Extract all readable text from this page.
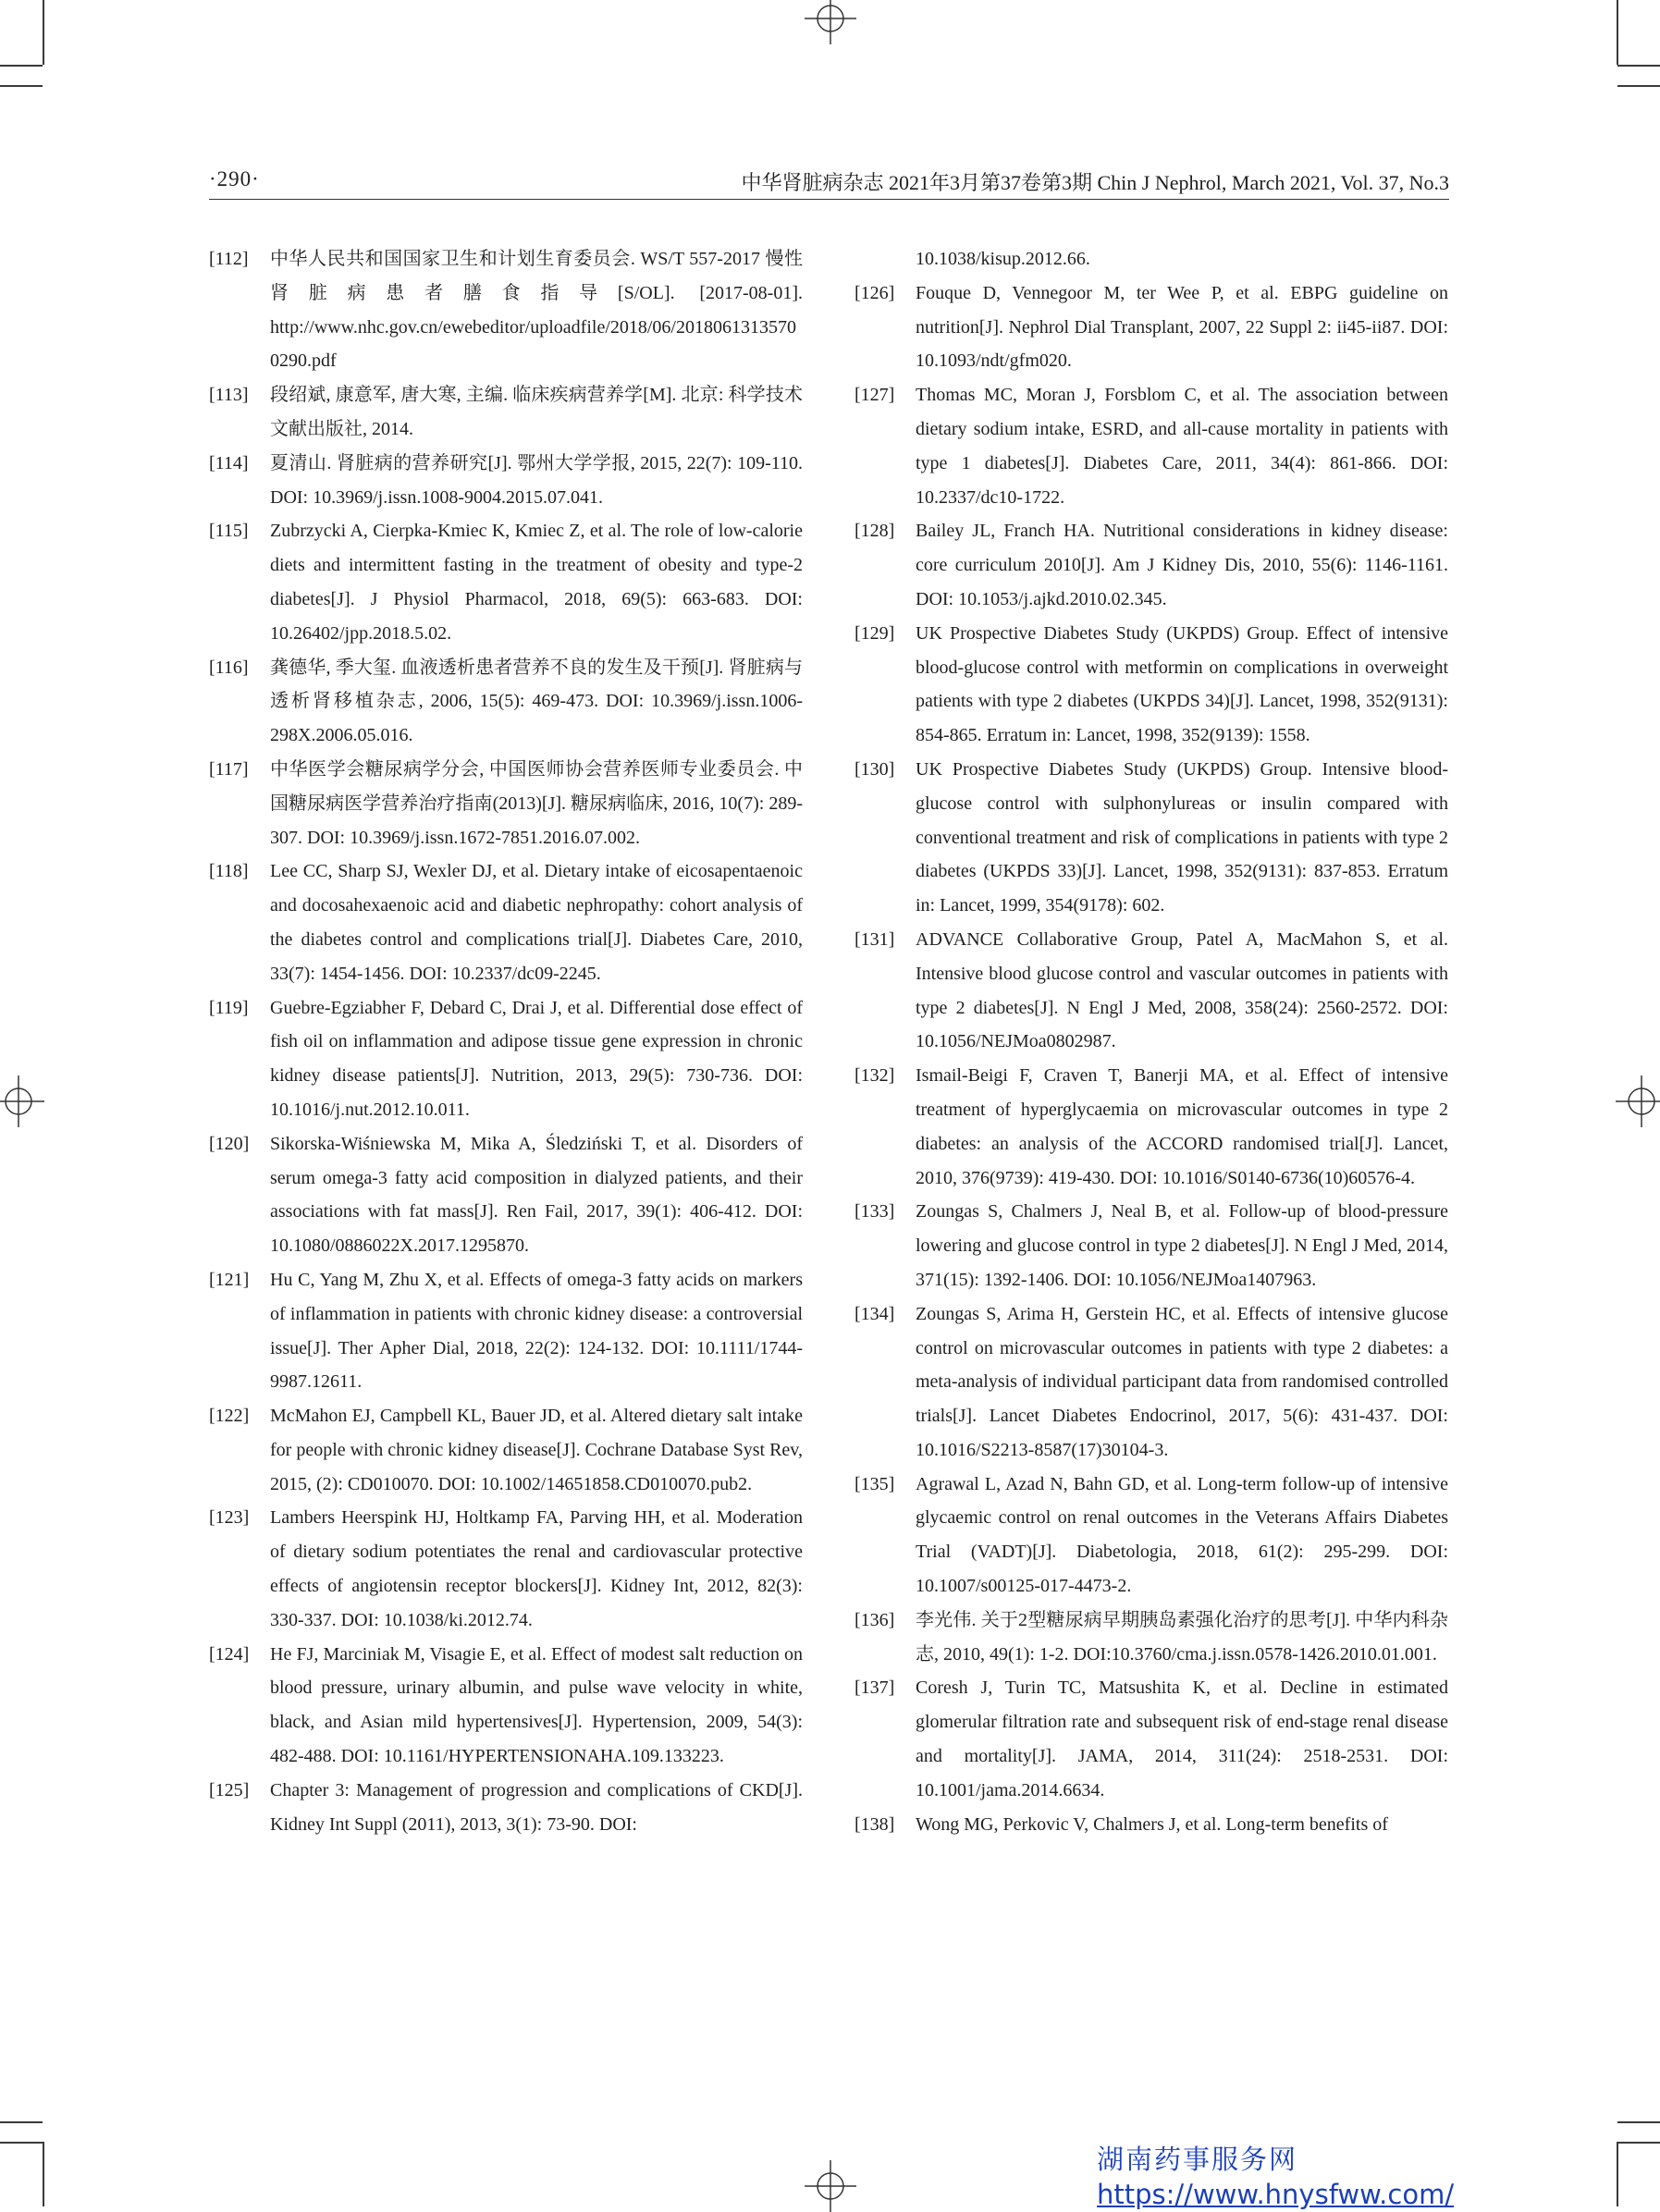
·290·	中华肾脏病杂志 2021年3月第37卷第3期 Chin J Nephrol, March 2021, Vol. 37, No.3
[112] 中华人民共和国国家卫生和计划生育委员会. WS/T 557-2017 慢性肾脏病患者膳食指导[S/OL]. [2017-08-01]. http://www.nhc.gov.cn/ewebeditor/uploadfile/2018/06/20180613135700290.pdf
[113] 段绍斌, 康意军, 唐大寒, 主编. 临床疾病营养学[M]. 北京: 科学技术文献出版社, 2014.
[114] 夏清山. 肾脏病的营养研究[J]. 鄂州大学学报, 2015, 22(7): 109-110. DOI: 10.3969/j.issn.1008-9004.2015.07.041.
[115] Zubrzycki A, Cierpka-Kmiec K, Kmiec Z, et al. The role of low-calorie diets and intermittent fasting in the treatment of obesity and type-2 diabetes[J]. J Physiol Pharmacol, 2018, 69(5): 663-683. DOI: 10.26402/jpp.2018.5.02.
[116] 龚德华, 季大玺. 血液透析患者营养不良的发生及干预[J]. 肾脏病与透析肾移植杂志, 2006, 15(5): 469-473. DOI: 10.3969/j.issn.1006-298X.2006.05.016.
[117] 中华医学会糖尿病学分会, 中国医师协会营养医师专业委员会. 中国糖尿病医学营养治疗指南(2013)[J]. 糖尿病临床, 2016, 10(7): 289-307. DOI: 10.3969/j.issn.1672-7851.2016.07.002.
[118] Lee CC, Sharp SJ, Wexler DJ, et al. Dietary intake of eicosapentaenoic and docosahexaenoic acid and diabetic nephropathy: cohort analysis of the diabetes control and complications trial[J]. Diabetes Care, 2010, 33(7): 1454-1456. DOI: 10.2337/dc09-2245.
[119] Guebre-Egziabher F, Debard C, Drai J, et al. Differential dose effect of fish oil on inflammation and adipose tissue gene expression in chronic kidney disease patients[J]. Nutrition, 2013, 29(5): 730-736. DOI: 10.1016/j.nut.2012.10.011.
[120] Sikorska-Wiśniewska M, Mika A, Śledziński T, et al. Disorders of serum omega-3 fatty acid composition in dialyzed patients, and their associations with fat mass[J]. Ren Fail, 2017, 39(1): 406-412. DOI: 10.1080/0886022X.2017.1295870.
[121] Hu C, Yang M, Zhu X, et al. Effects of omega-3 fatty acids on markers of inflammation in patients with chronic kidney disease: a controversial issue[J]. Ther Apher Dial, 2018, 22(2): 124-132. DOI: 10.1111/1744-9987.12611.
[122] McMahon EJ, Campbell KL, Bauer JD, et al. Altered dietary salt intake for people with chronic kidney disease[J]. Cochrane Database Syst Rev, 2015, (2): CD010070. DOI: 10.1002/14651858.CD010070.pub2.
[123] Lambers Heerspink HJ, Holtkamp FA, Parving HH, et al. Moderation of dietary sodium potentiates the renal and cardiovascular protective effects of angiotensin receptor blockers[J]. Kidney Int, 2012, 82(3): 330-337. DOI: 10.1038/ki.2012.74.
[124] He FJ, Marciniak M, Visagie E, et al. Effect of modest salt reduction on blood pressure, urinary albumin, and pulse wave velocity in white, black, and Asian mild hypertensives[J]. Hypertension, 2009, 54(3): 482-488. DOI: 10.1161/HYPERTENSIONAHA.109.133223.
[125] Chapter 3: Management of progression and complications of CKD[J]. Kidney Int Suppl (2011), 2013, 3(1): 73-90. DOI:
10.1038/kisup.2012.66.
[126] Fouque D, Vennegoor M, ter Wee P, et al. EBPG guideline on nutrition[J]. Nephrol Dial Transplant, 2007, 22 Suppl 2: ii45-ii87. DOI: 10.1093/ndt/gfm020.
[127] Thomas MC, Moran J, Forsblom C, et al. The association between dietary sodium intake, ESRD, and all-cause mortality in patients with type 1 diabetes[J]. Diabetes Care, 2011, 34(4): 861-866. DOI: 10.2337/dc10-1722.
[128] Bailey JL, Franch HA. Nutritional considerations in kidney disease: core curriculum 2010[J]. Am J Kidney Dis, 2010, 55(6): 1146-1161. DOI: 10.1053/j.ajkd.2010.02.345.
[129] UK Prospective Diabetes Study (UKPDS) Group. Effect of intensive blood-glucose control with metformin on complications in overweight patients with type 2 diabetes (UKPDS 34)[J]. Lancet, 1998, 352(9131): 854-865. Erratum in: Lancet, 1998, 352(9139): 1558.
[130] UK Prospective Diabetes Study (UKPDS) Group. Intensive blood-glucose control with sulphonylureas or insulin compared with conventional treatment and risk of complications in patients with type 2 diabetes (UKPDS 33)[J]. Lancet, 1998, 352(9131): 837-853. Erratum in: Lancet, 1999, 354(9178): 602.
[131] ADVANCE Collaborative Group, Patel A, MacMahon S, et al. Intensive blood glucose control and vascular outcomes in patients with type 2 diabetes[J]. N Engl J Med, 2008, 358(24): 2560-2572. DOI: 10.1056/NEJMoa0802987.
[132] Ismail-Beigi F, Craven T, Banerji MA, et al. Effect of intensive treatment of hyperglycaemia on microvascular outcomes in type 2 diabetes: an analysis of the ACCORD randomised trial[J]. Lancet, 2010, 376(9739): 419-430. DOI: 10.1016/S0140-6736(10)60576-4.
[133] Zoungas S, Chalmers J, Neal B, et al. Follow-up of blood-pressure lowering and glucose control in type 2 diabetes[J]. N Engl J Med, 2014, 371(15): 1392-1406. DOI: 10.1056/NEJMoa1407963.
[134] Zoungas S, Arima H, Gerstein HC, et al. Effects of intensive glucose control on microvascular outcomes in patients with type 2 diabetes: a meta-analysis of individual participant data from randomised controlled trials[J]. Lancet Diabetes Endocrinol, 2017, 5(6): 431-437. DOI: 10.1016/S2213-8587(17)30104-3.
[135] Agrawal L, Azad N, Bahn GD, et al. Long-term follow-up of intensive glycaemic control on renal outcomes in the Veterans Affairs Diabetes Trial (VADT)[J]. Diabetologia, 2018, 61(2): 295-299. DOI: 10.1007/s00125-017-4473-2.
[136] 李光伟. 关于2型糖尿病早期胰岛素强化治疗的思考[J]. 中华内科杂志, 2010, 49(1): 1-2. DOI:10.3760/cma.j.issn.0578-1426.2010.01.001.
[137] Coresh J, Turin TC, Matsushita K, et al. Decline in estimated glomerular filtration rate and subsequent risk of end-stage renal disease and mortality[J]. JAMA, 2014, 311(24): 2518-2531. DOI: 10.1001/jama.2014.6634.
[138] Wong MG, Perkovic V, Chalmers J, et al. Long-term benefits of
湖南药事服务网
https://www.hnysfww.com/
